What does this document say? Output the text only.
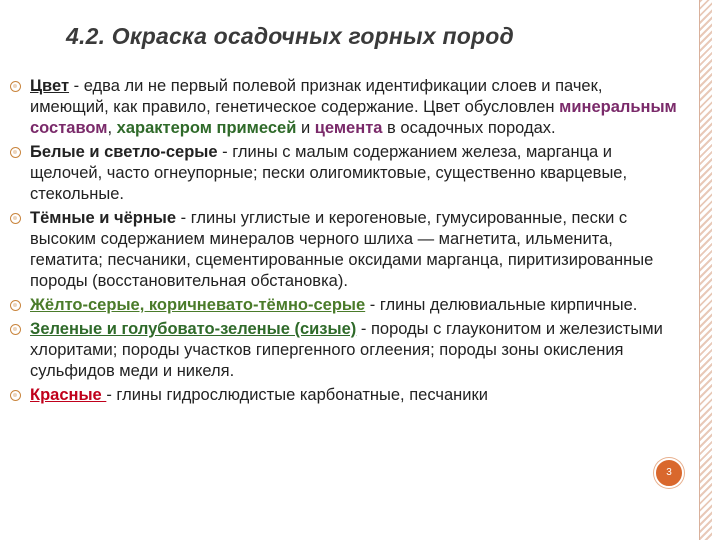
4.2. Окраска осадочных горных пород
Цвет - едва ли не первый полевой признак идентификации слоев и пачек, имеющий, как правило, генетическое содержание. Цвет обусловлен минеральным составом, характером примесей и цемента в осадочных породах.
Белые и светло-серые - глины с малым содержанием железа, марганца и щелочей, часто огнеупорные; пески олигомиктовые, существенно кварцевые, стекольные.
Тёмные и чёрные - глины углистые и керогеновые, гумусированные, пески с высоким содержанием минералов черного шлиха — магнетита, ильменита, гематита; песчаники, сцементированные оксидами марганца, пиритизированные породы (восстановительная обстановка).
Жёлто-серые, коричневато-тёмно-серые - глины делювиальные кирпичные.
Зеленые и голубовато-зеленые (сизые) - породы с глауконитом и железистыми хлоритами; породы участков гипергенного оглеения; породы зоны окисления сульфидов меди и никеля.
Красные - глины гидрослюдистые карбонатные, песчаники
3
